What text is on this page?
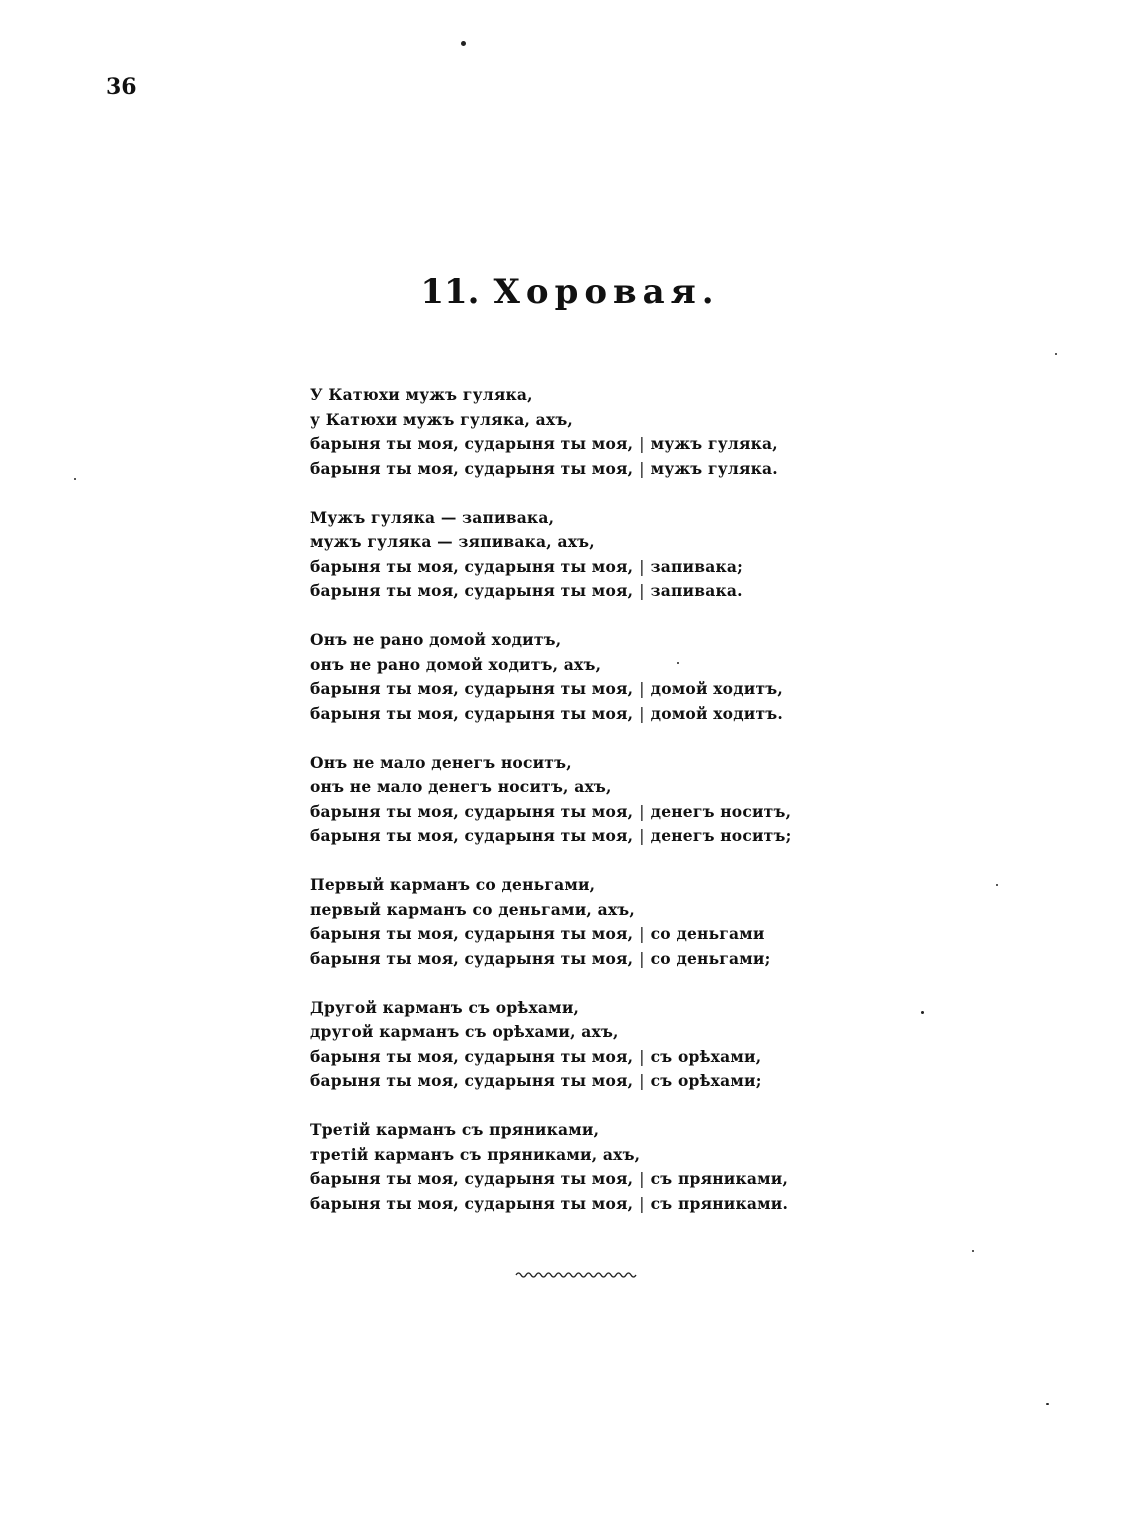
36
11. Хоровая.
У Катюхи мужъ гуляка,
у Катюхи мужъ гуляка, ахъ,
барыня ты моя, сударыня ты моя, | мужъ гуляка,
барыня ты моя, сударыня ты моя, | мужъ гуляка.
Мужъ гуляка — запивака,
мужъ гуляка — зяпивака, ахъ,
барыня ты моя, сударыня ты моя, | запивака;
барыня ты моя, сударыня ты моя, | запивака.
Онъ не рано домой ходитъ,
онъ не рано домой ходитъ, ахъ,
барыня ты моя, сударыня ты моя, | домой ходитъ,
барыня ты моя, сударыня ты моя, | домой ходитъ.
Онъ не мало денегъ носитъ,
онъ не мало денегъ носитъ, ахъ,
барыня ты моя, сударыня ты моя, | денегъ носитъ,
барыня ты моя, сударыня ты моя, | денегъ носитъ;
Первый карманъ со деньгами,
первый карманъ со деньгами, ахъ,
барыня ты моя, сударыня ты моя, | со деньгами
барыня ты моя, сударыня ты моя, | со деньгами;
Другой карманъ съ орѣхами,
другой карманъ съ орѣхами, ахъ,
барыня ты моя, сударыня ты моя, | съ орѣхами,
барыня ты моя, сударыня ты моя, | съ орѣхами;
Третій карманъ съ пряниками,
третій карманъ съ пряниками, ахъ,
барыня ты моя, сударыня ты моя, | съ пряниками,
барыня ты моя, сударыня ты моя, | съ пряниками.
